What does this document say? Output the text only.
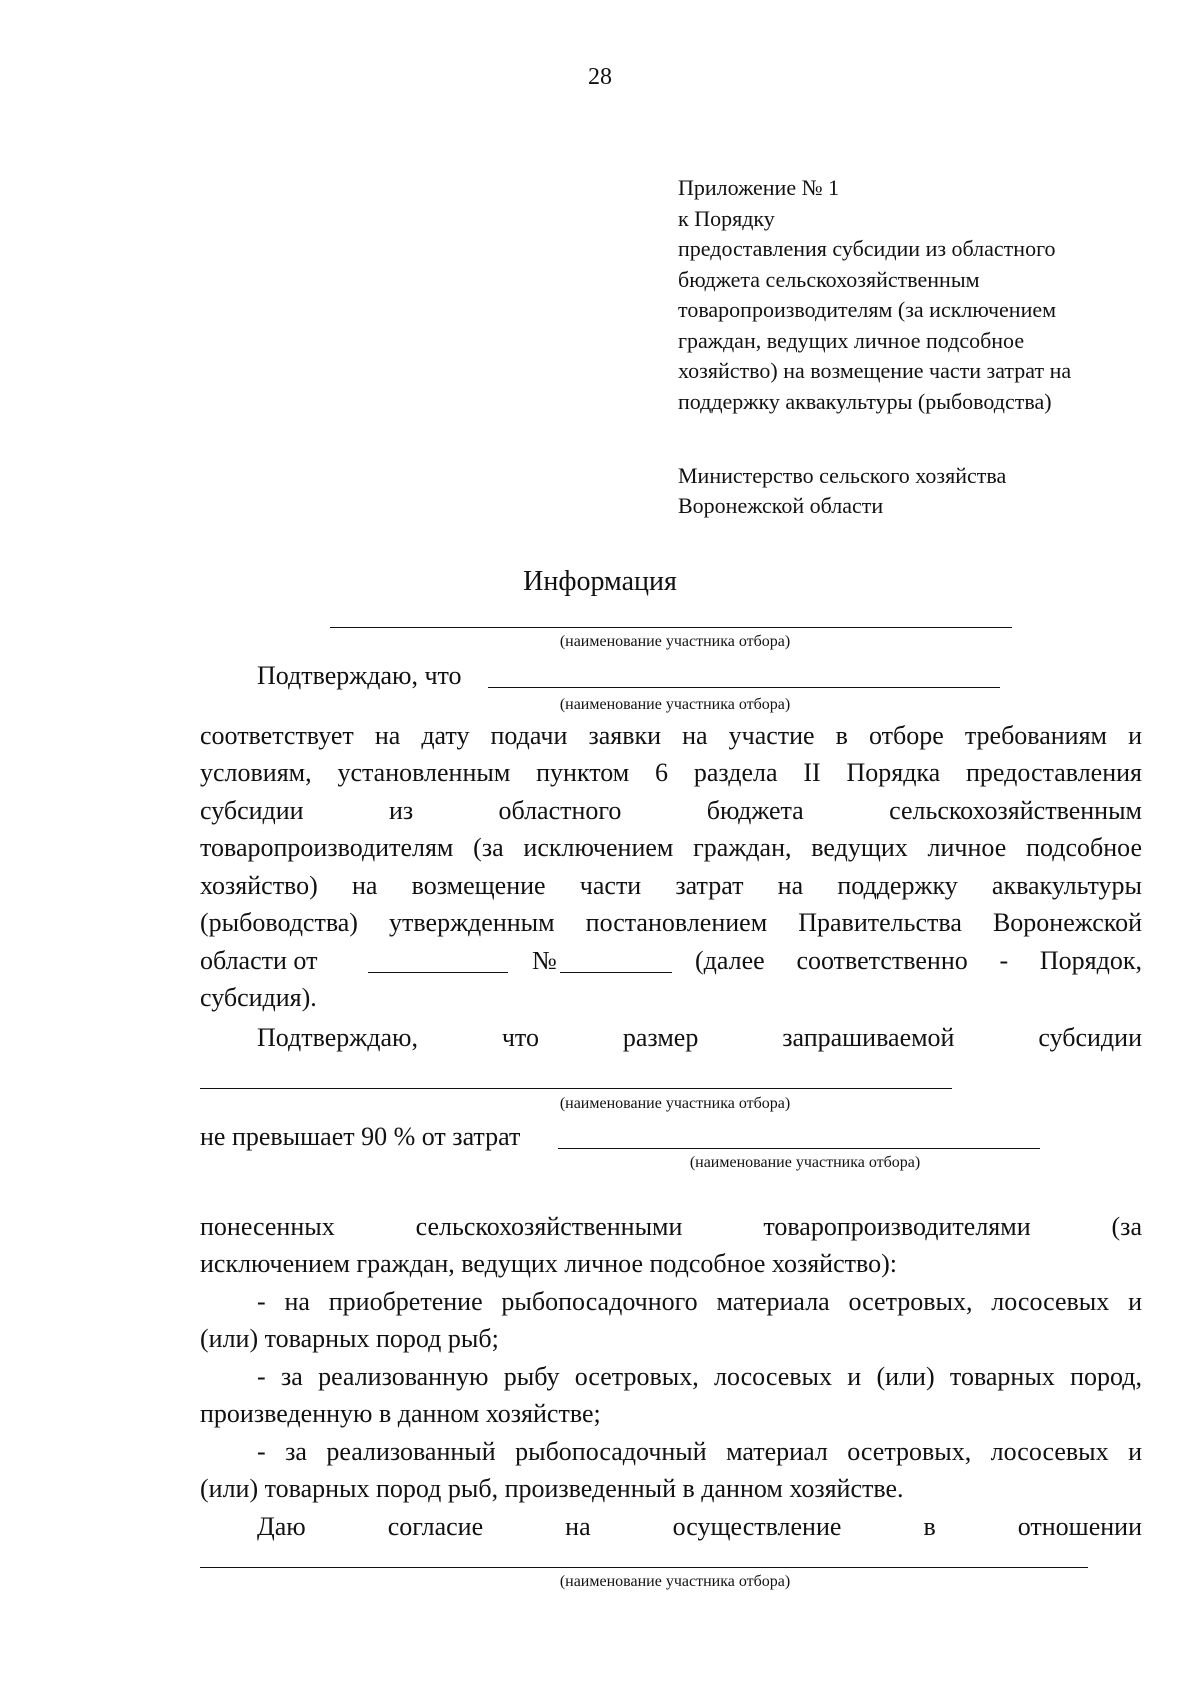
28
Приложение № 1
к Порядку
предоставления субсидии из областного
бюджета сельскохозяйственным
товаропроизводителям (за исключением
граждан, ведущих личное подсобное
хозяйство) на возмещение части затрат на
поддержку аквакультуры (рыбоводства)
Министерство сельского хозяйства
Воронежской области
Информация
(наименование участника отбора)
Подтверждаю, что
(наименование участника отбора)
соответствует на дату подачи заявки на участие в отборе требованиям и
условиям, установленным пунктом 6 раздела II Порядка предоставления
субсидии из областного бюджета сельскохозяйственным
товаропроизводителям (за исключением граждан, ведущих личное подсобное
хозяйство) на возмещение части затрат на поддержку аквакультуры
(рыбоводства) утвержденным постановлением Правительства Воронежской
области от	№	(далее соответственно - Порядок,
субсидия).
Подтверждаю, что размер запрашиваемой субсидии
(наименование участника отбора)
не превышает 90 % от затрат
(наименование участника отбора)
понесенных сельскохозяйственными товаропроизводителями (за
исключением граждан, ведущих личное подсобное хозяйство):
- на приобретение рыбопосадочного материала осетровых, лососевых и
(или) товарных пород рыб;
- за реализованную рыбу осетровых, лососевых и (или) товарных пород,
произведенную в данном хозяйстве;
- за реализованный рыбопосадочный материал осетровых, лососевых и
(или) товарных пород рыб, произведенный в данном хозяйстве.
Даю согласие на осуществление в отношении
(наименование участника отбора)
